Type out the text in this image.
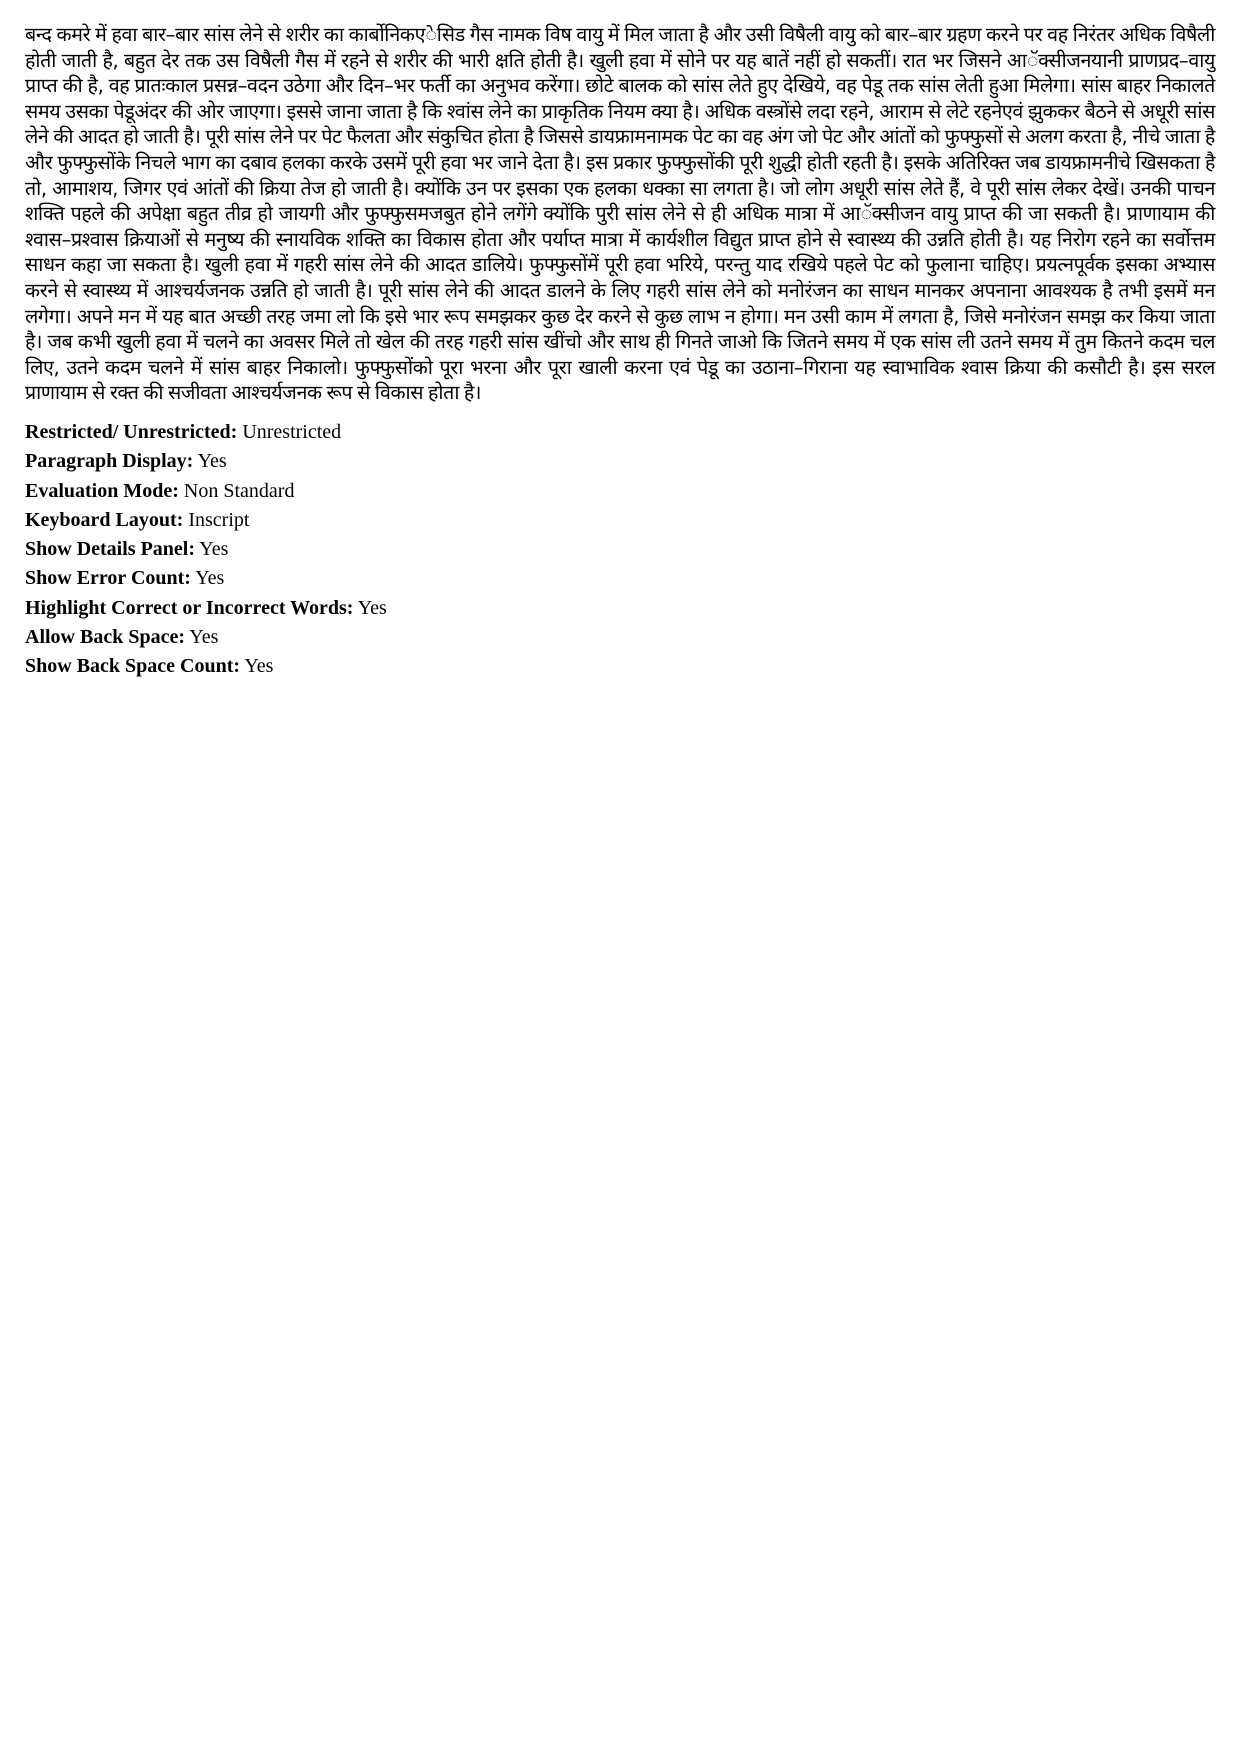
बन्द कमरे में हवा बार–बार सांस लेने से शरीर का कार्बोनिकएेसिड गैस नामक विष वायु में मिल जाता है और उसी विषैली वायु को बार–बार ग्रहण करने पर वह निरंतर अधिक विषैली होती जाती है, बहुत देर तक उस विषैली गैस में रहने से शरीर की भारी क्षति होती है। खुली हवा में सोने पर यह बातें नहीं हो सकतीं। रात भर जिसने आॅक्सीजनयानी प्राणप्रद–वायु प्राप्त की है, वह प्रातःकाल प्रसन्न–वदन उठेगा और दिन–भर फर्ती का अनुभव करेंगा। छोटे बालक को सांस लेते हुए देखिये, वह पेडू तक सांस लेती हुआ मिलेगा। सांस बाहर निकालते समय उसका पेडूअंदर की ओर जाएगा। इससे जाना जाता है कि श्वांस लेने का प्राकृतिक नियम क्या है। अधिक वस्त्रोंसे लदा रहने, आराम से लेटे रहनेएवं झुककर बैठने से अधूरी सांस लेने की आदत हो जाती है। पूरी सांस लेने पर पेट फैलता और संकुचित होता है जिससे डायफ्रामनामक पेट का वह अंग जो पेट और आंतों को फुफ्फुसों से अलग करता है, नीचे जाता है और फुफ्फुसोंके निचले भाग का दबाव हलका करके उसमें पूरी हवा भर जाने देता है। इस प्रकार फुफ्फुसोंकी पूरी शुद्धी होती रहती है। इसके अतिरिक्त जब डायफ्रामनीचे खिसकता है तो, आमाशय, जिगर एवं आंतों की क्रिया तेज हो जाती है। क्योंकि उन पर इसका एक हलका धक्का सा लगता है। जो लोग अधूरी सांस लेते हैं, वे पूरी सांस लेकर देखें। उनकी पाचन शक्ति पहले की अपेक्षा बहुत तीव्र हो जायगी और फुफ्फुसमजबुत होने लगेंगे क्योंकि पुरी सांस लेने से ही अधिक मात्रा में आॅक्सीजन वायु प्राप्त की जा सकती है। प्राणायाम की श्वास–प्रश्वास क्रियाओं से मनुष्य की स्नायविक शक्ति का विकास होता और पर्याप्त मात्रा में कार्यशील विद्युत प्राप्त होने से स्वास्थ्य की उन्नति होती है। यह निरोग रहने का सर्वोत्तम साधन कहा जा सकता है। खुली हवा में गहरी सांस लेने की आदत डालिये। फुफ्फुसोंमें पूरी हवा भरिये, परन्तु याद रखिये पहले पेट को फुलाना चाहिए। प्रयत्नपूर्वक इसका अभ्यास करने से स्वास्थ्य में आश्चर्यजनक उन्नति हो जाती है। पूरी सांस लेने की आदत डालने के लिए गहरी सांस लेने को मनोरंजन का साधन मानकर अपनाना आवश्यक है तभी इसमें मन लगेगा। अपने मन में यह बात अच्छी तरह जमा लो कि इसे भार रूप समझकर कुछ देर करने से कुछ लाभ न होगा। मन उसी काम में लगता है, जिसे मनोरंजन समझ कर किया जाता है। जब कभी खुली हवा में चलने का अवसर मिले तो खेल की तरह गहरी सांस खींचो और साथ ही गिनते जाओ कि जितने समय में एक सांस ली उतने समय में तुम कितने कदम चल लिए, उतने कदम चलने में सांस बाहर निकालो। फुफ्फुसोंको पूरा भरना और पूरा खाली करना एवं पेडू का उठाना–गिराना यह स्वाभाविक श्वास क्रिया की कसौटी है। इस सरल प्राणायाम से रक्त की सजीवता आश्चर्यजनक रूप से विकास होता है।

Restricted/ Unrestricted: Unrestricted
Paragraph Display: Yes
Evaluation Mode: Non Standard
Keyboard Layout: Inscript
Show Details Panel: Yes
Show Error Count: Yes
Highlight Correct or Incorrect Words: Yes
Allow Back Space: Yes
Show Back Space Count: Yes
